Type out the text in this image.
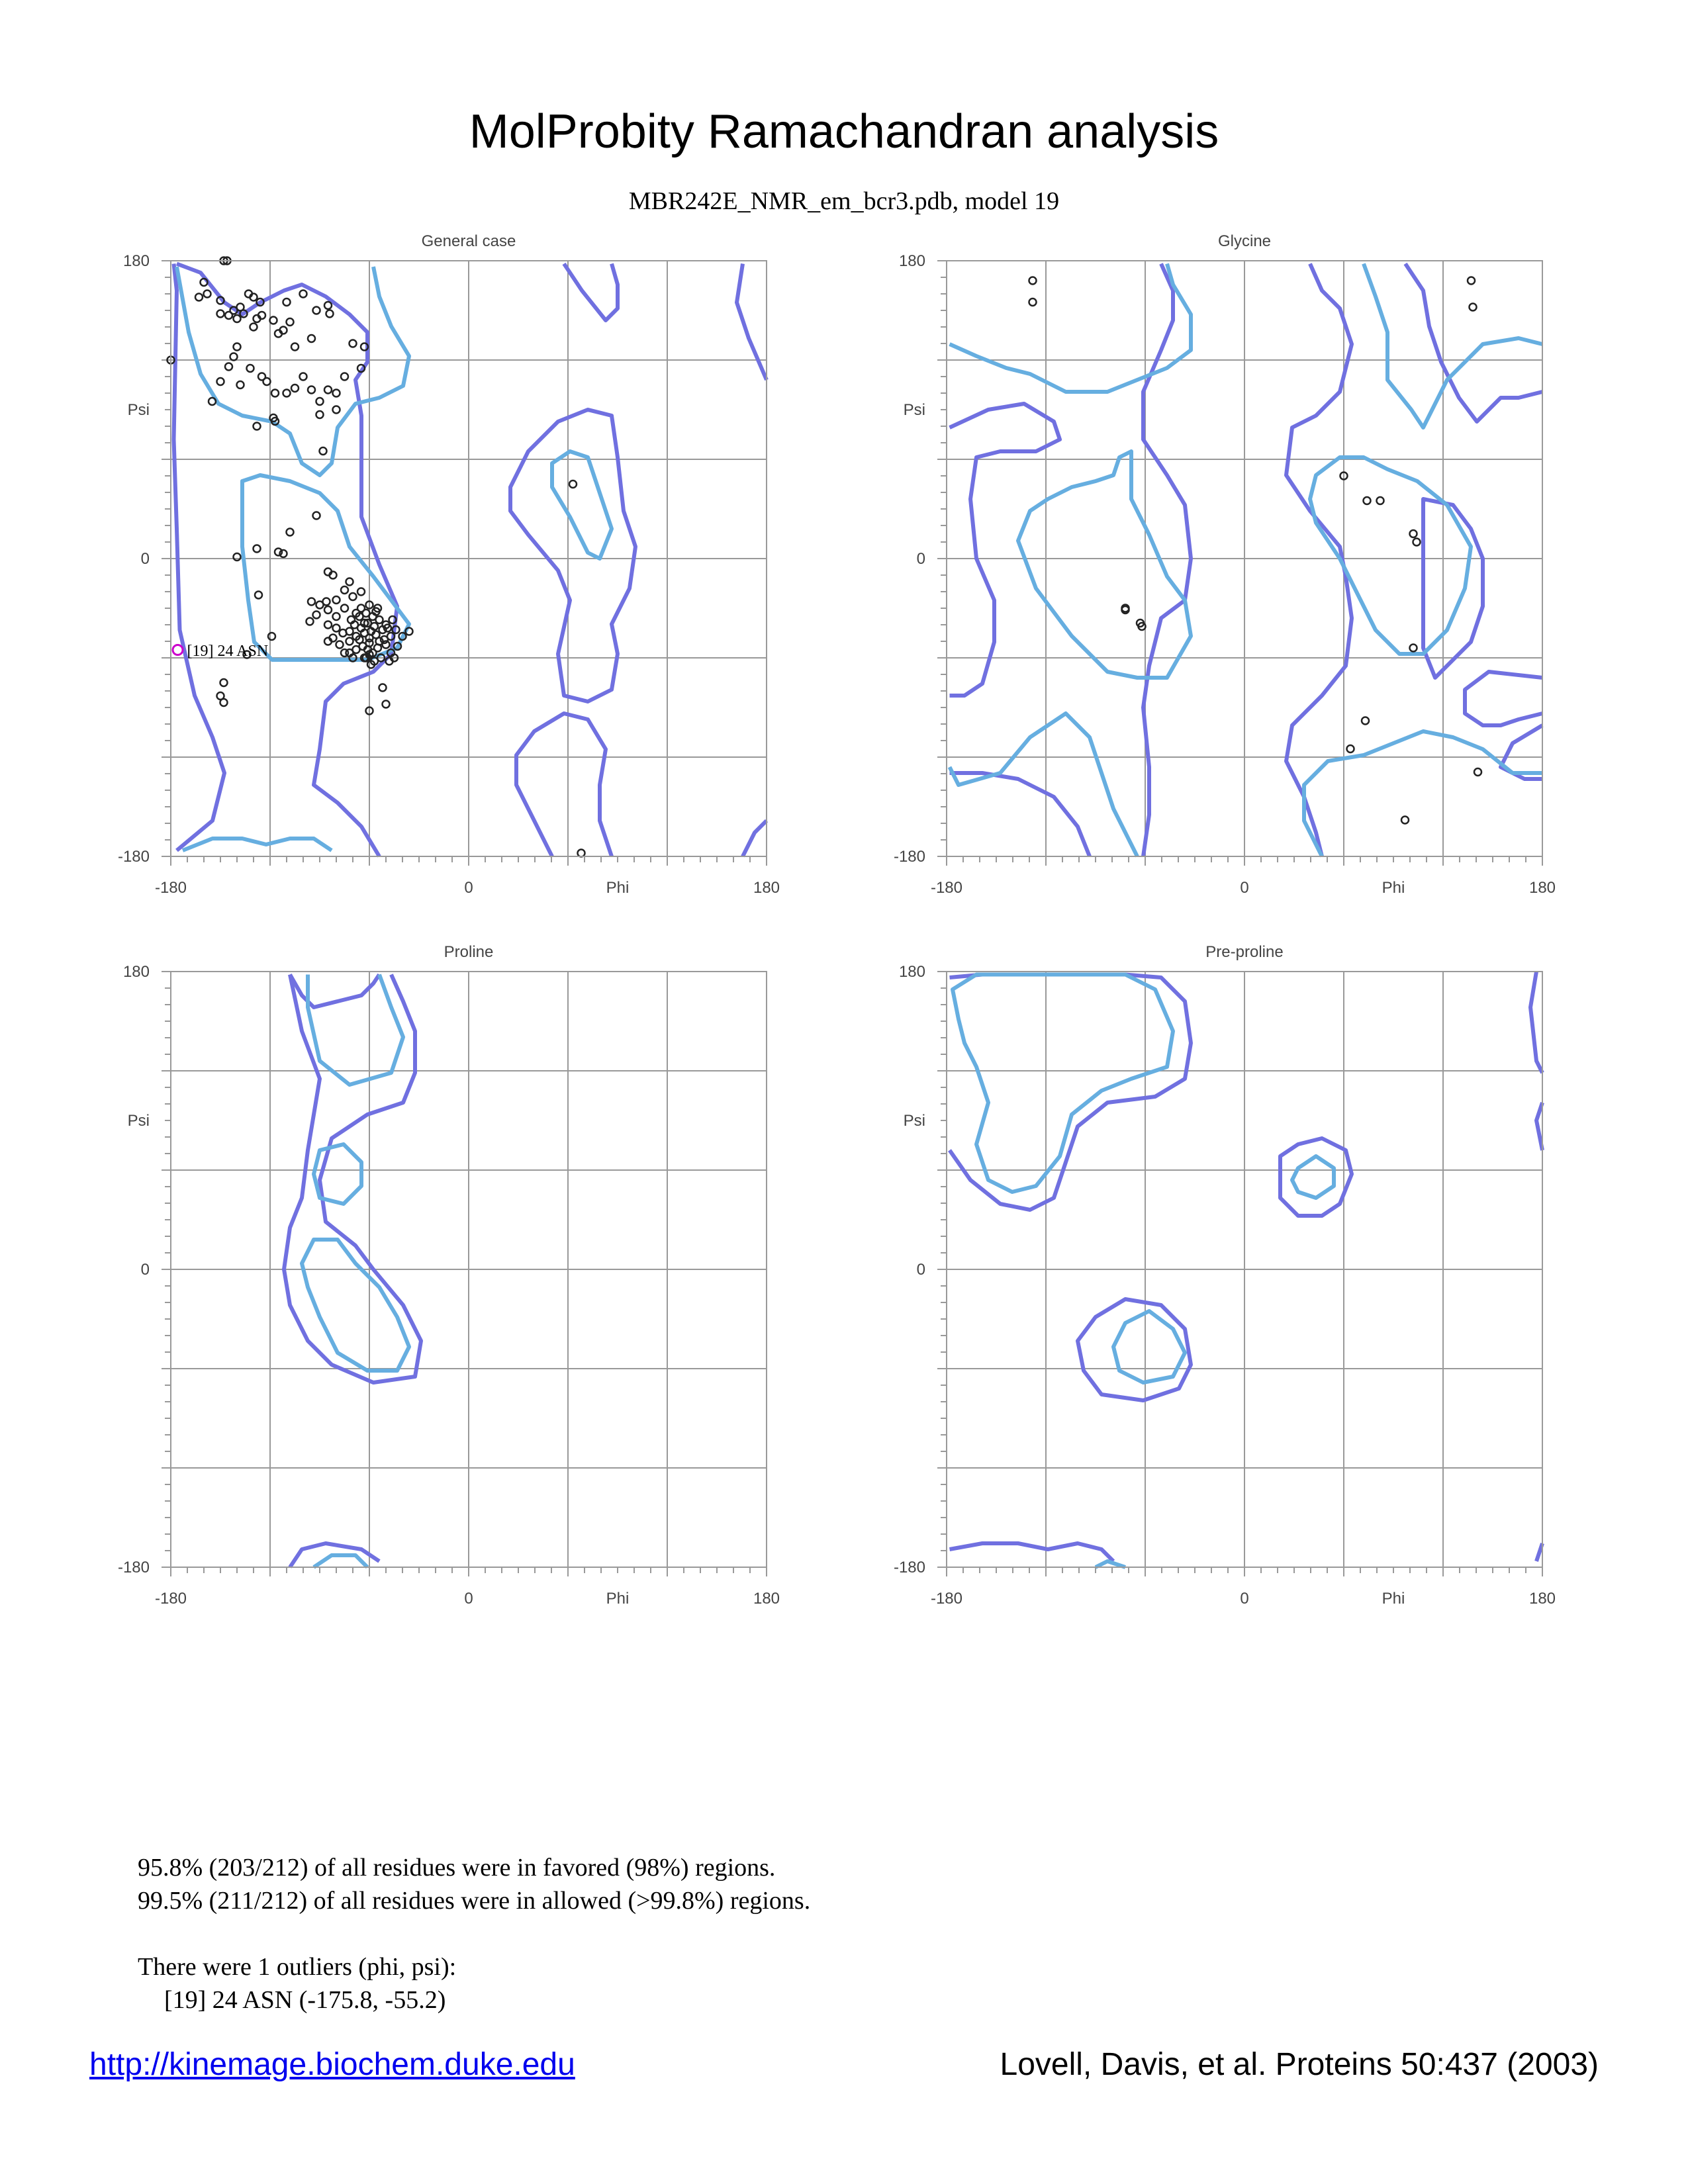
MolProbity Ramachandran analysis
MBR242E_NMR_em_bcr3.pdb, model 19
General case
-180	0	180
180
0
-180
Phi
Psi
[19] 24 ASN
Glycine
-180	0	180
180
0
-180
Phi
Psi
Proline
-180	0	180
180
0
-180
Phi
Psi
Pre-proline
-180	0	180
180
0
-180
Phi
Psi
95.8% (203/212) of all residues were in favored (98%) regions.
99.5% (211/212) of all residues were in allowed (>99.8%) regions.
There were 1 outliers (phi, psi):
[19] 24 ASN (-175.8, -55.2)
http://kinemage.biochem.duke.edu	Lovell, Davis, et al. Proteins 50:437 (2003)
